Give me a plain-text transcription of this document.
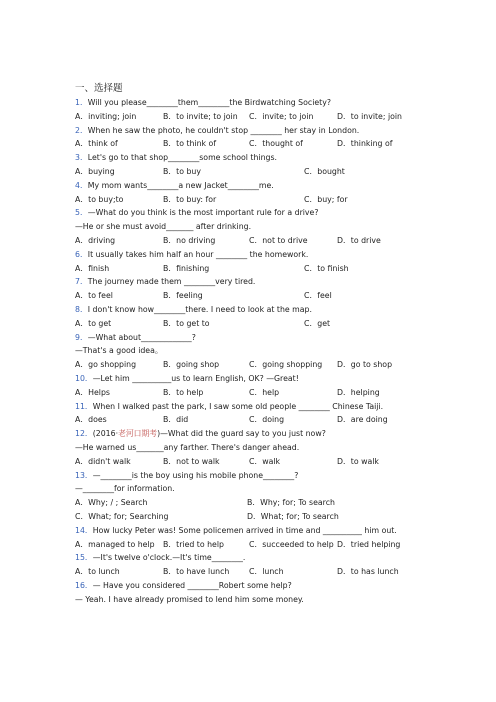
一、选择题
1．Will you please________them________the Birdwatching Society?
A．inviting; join	B．to invite; to join C．invite; to join	D．to invite; join
2．When he saw the photo, he couldn't stop ________ her stay in London.
A．think of	B．to think of	C．thought of	D．thinking of
3．Let's go to that shop________some school things.
A．buying	B．to buy	C．bought
4．My mom wants________a new Jacket________me.
A．to buy;to	B．to buy: for	C．buy; for
5．—What do you think is the most important rule for a drive?
—He or she must avoid_______ after drinking.
A．driving	B．no driving	C．not to drive	D．to drive
6．It usually takes him half an hour ________ the homework.
A．finish	B．finishing	C．to finish
7．The journey made them ________very tired.
A．to feel	B．feeling	C．feel
8．I don't know how________there. I need to look at the map.
A．to get	B．to get to	C．get
9．—What about_____________?
—That's a good idea。
A．go shopping	B．going shop	C．going shopping D．go to shop
10．—Let him __________us to learn English, OK? —Great!
A．Helps	B．to help	C．help	D．helping
11．When I walked past the park, I saw some old people ________ Chinese Taiji.
A．does	B．did	C．doing	D．are doing
12．(2016·老河口期考)—What did the guard say to you just now?
—He warned us_______any farther. There's danger ahead.
A．didn't walk	B．not to walk	C．walk	D．to walk
13．—________is the boy using his mobile phone________?
—________for information.
A．Why; / ; Search	B．Why; for; To search
C．What; for; Searching	D．What; for; To search
14．How lucky Peter was! Some policemen arrived in time and __________ him out.
A．managed to help B．tried to help	C．succeeded to help D．tried helping
15．—It's twelve o'clock.—It's time________.
A．to lunch	B．to have lunch	C．lunch	D．to has lunch
16．— Have you considered ________Robert some help?
— Yeah. I have already promised to lend him some money.
